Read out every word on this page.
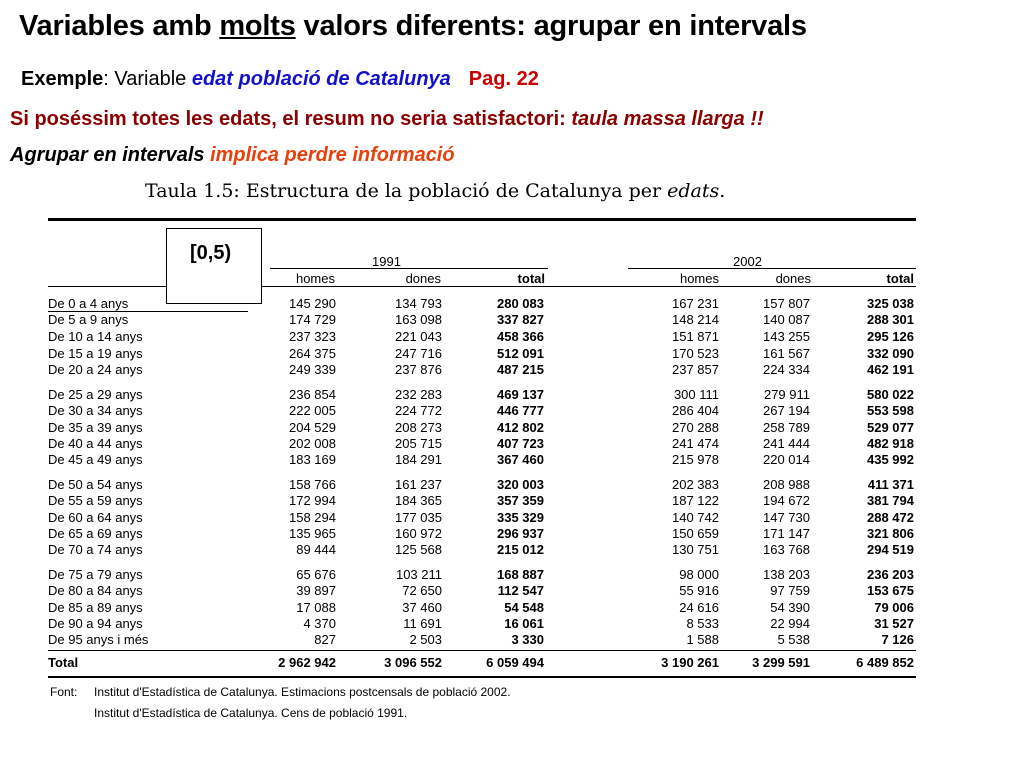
Variables amb molts valors diferents: agrupar en intervals
Exemple: Variable edat població de Catalunya Pag. 22
Si poséssim totes les edats, el resum no seria satisfactori: taula massa llarga !!
Agrupar en intervals implica perdre informació
Taula 1.5: Estructura de la població de Catalunya per edats.
1991	2002
homes	dones	total	homes	dones	total
De 0 a 4 anys	145 290	134 793	280 083	167 231	157 807	325 038
De 5 a 9 anys	174 729	163 098	337 827	148 214	140 087	288 301
De 10 a 14 anys	237 323	221 043	458 366	151 871	143 255	295 126
De 15 a 19 anys	264 375	247 716	512 091	170 523	161 567	332 090
De 20 a 24 anys	249 339	237 876	487 215	237 857	224 334	462 191
De 25 a 29 anys	236 854	232 283	469 137	300 111	279 911	580 022
De 30 a 34 anys	222 005	224 772	446 777	286 404	267 194	553 598
De 35 a 39 anys	204 529	208 273	412 802	270 288	258 789	529 077
De 40 a 44 anys	202 008	205 715	407 723	241 474	241 444	482 918
De 45 a 49 anys	183 169	184 291	367 460	215 978	220 014	435 992
De 50 a 54 anys	158 766	161 237	320 003	202 383	208 988	411 371
De 55 a 59 anys	172 994	184 365	357 359	187 122	194 672	381 794
De 60 a 64 anys	158 294	177 035	335 329	140 742	147 730	288 472
De 65 a 69 anys	135 965	160 972	296 937	150 659	171 147	321 806
De 70 a 74 anys	89 444	125 568	215 012	130 751	163 768	294 519
De 75 a 79 anys	65 676	103 211	168 887	98 000	138 203	236 203
De 80 a 84 anys	39 897	72 650	112 547	55 916	97 759	153 675
De 85 a 89 anys	17 088	37 460	54 548	24 616	54 390	79 006
De 90 a 94 anys	4 370	11 691	16 061	8 533	22 994	31 527
De 95 anys i més	827	2 503	3 330	1 588	5 538	7 126
Total	2 962 942	3 096 552	6 059 494	3 190 261	3 299 591	6 489 852
[0,5)
Font: Institut d'Estadística de Catalunya. Estimacions postcensals de població 2002.
Institut d'Estadística de Catalunya. Cens de població 1991.
